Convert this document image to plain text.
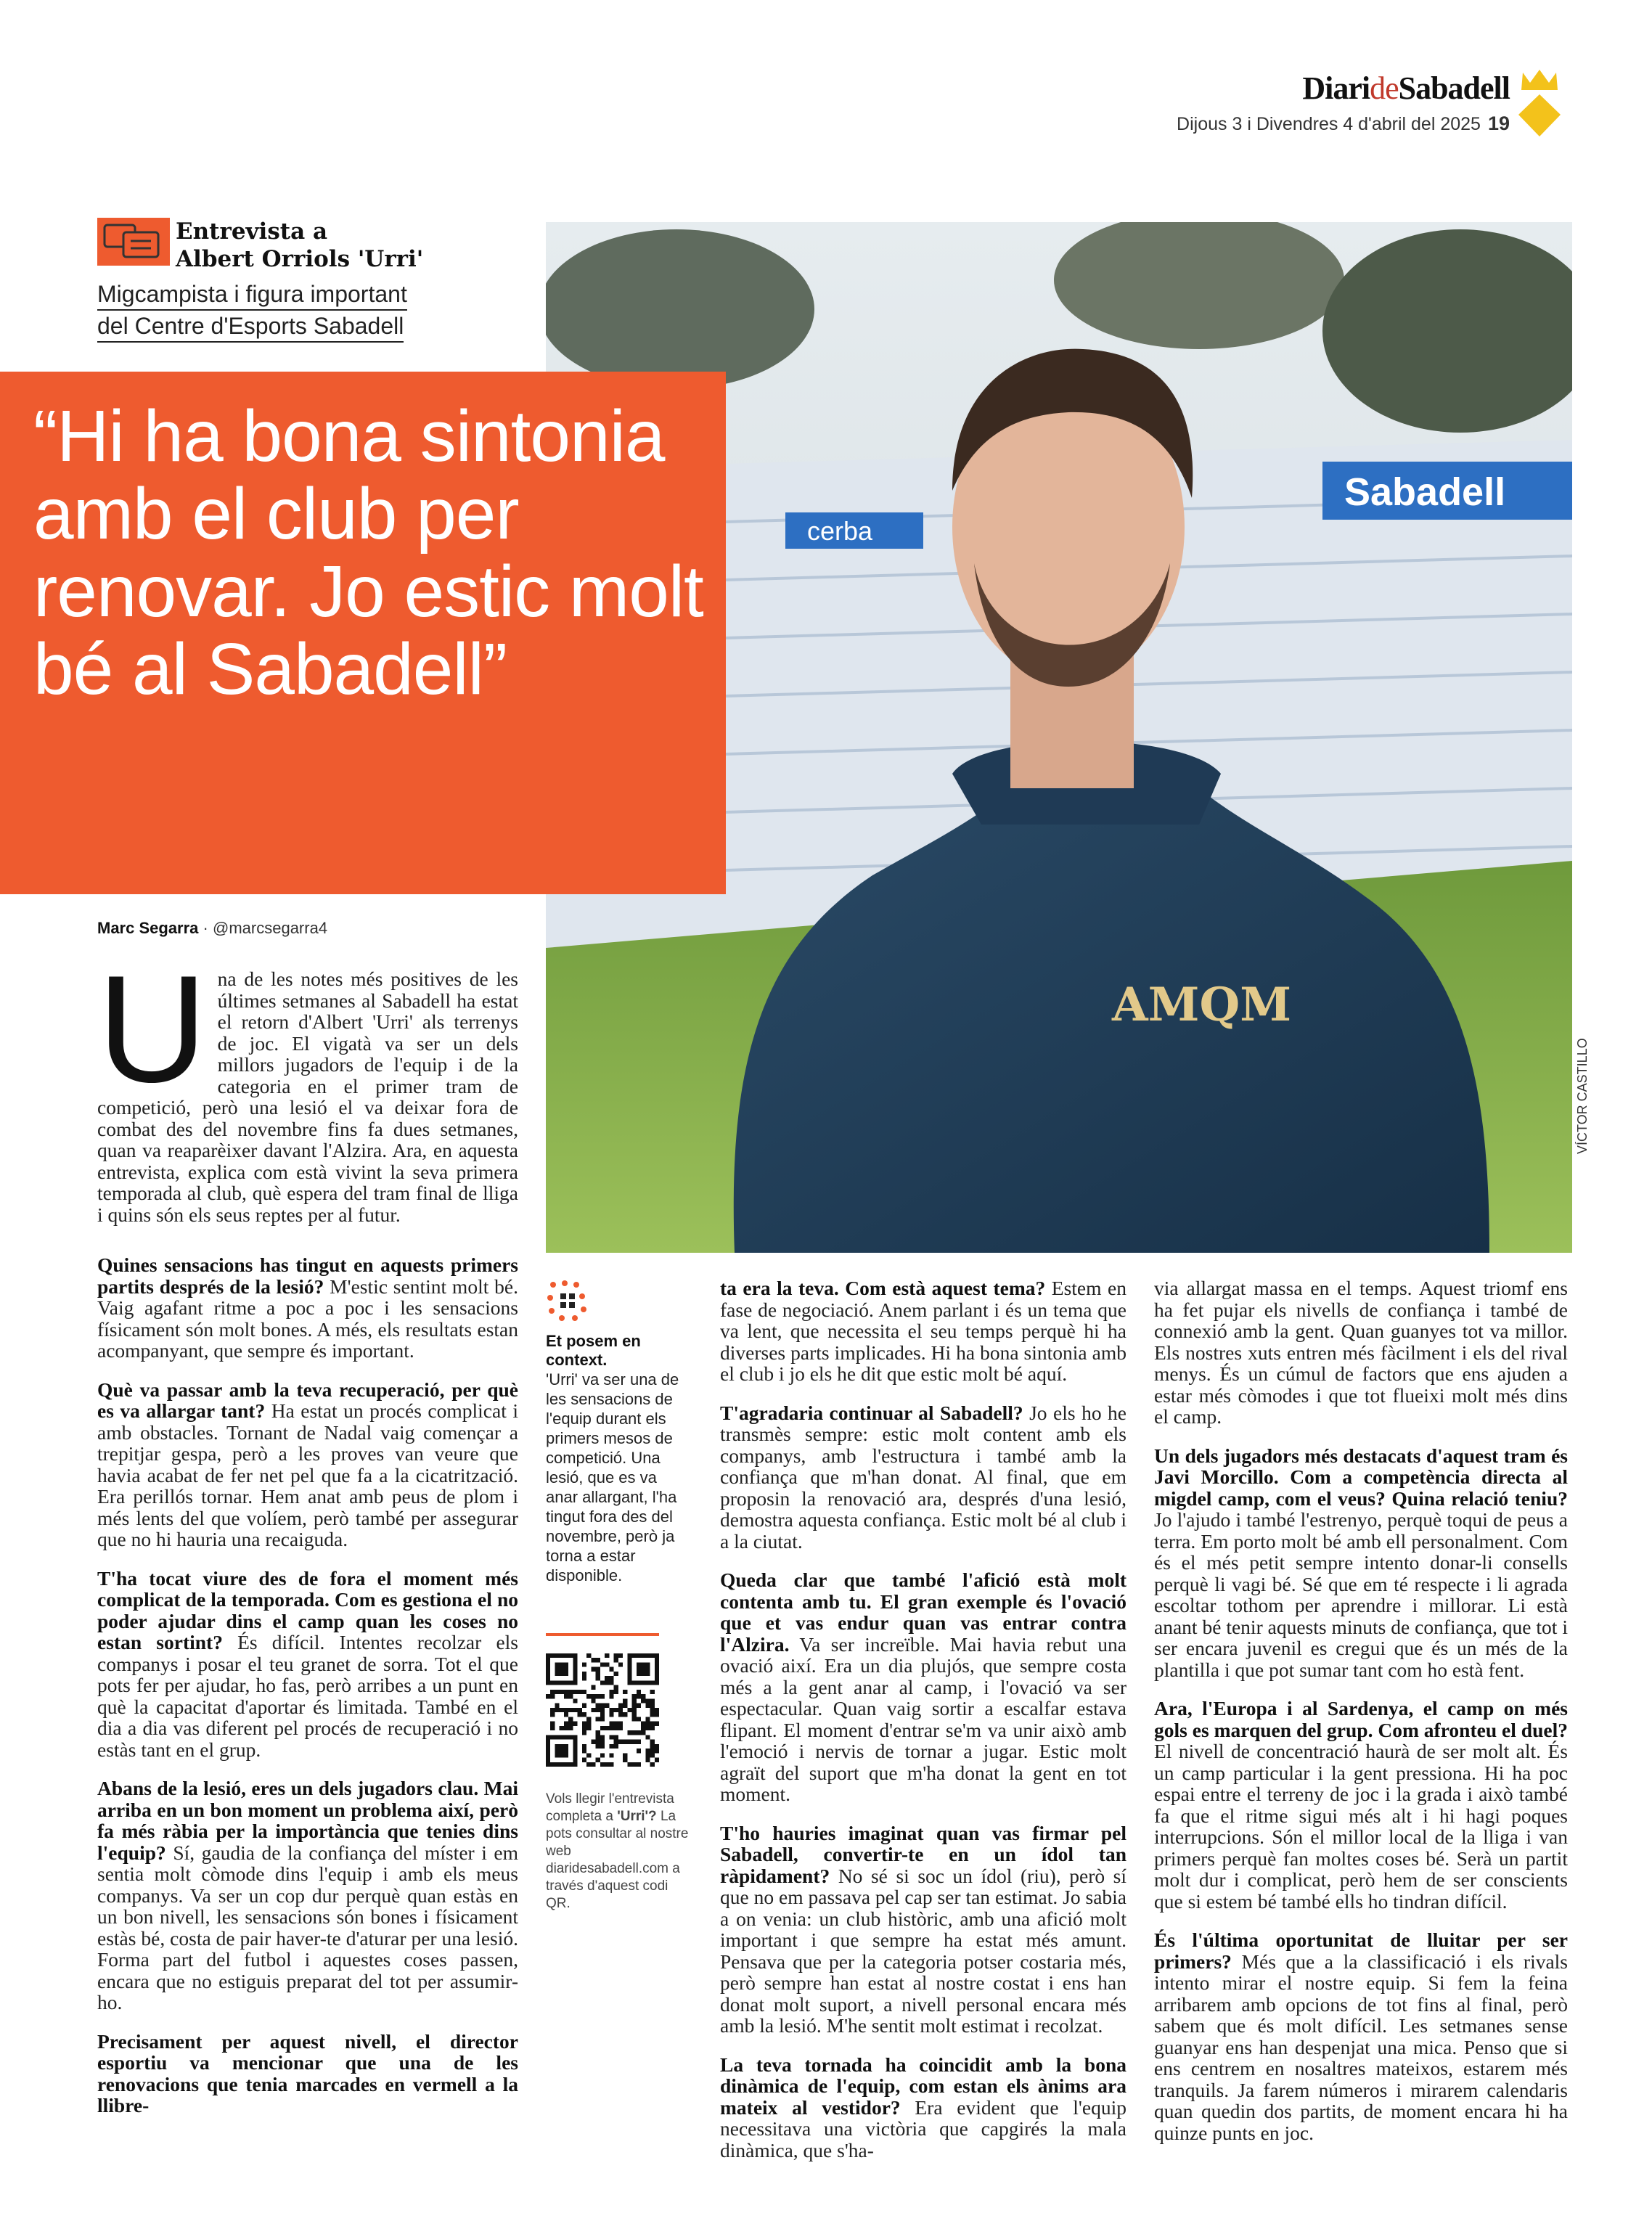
DiarideSabadell
Dijous 3 i Divendres 4 d'abril del 2025 19
Entrevista a
Albert Orriols 'Urri'
Migcampista i figura important
del Centre d'Esports Sabadell
Sabadell
cerba
AMQM
VÍCTOR CASTILLO
“Hi ha bona sintonia amb el club per renovar. Jo estic molt bé al Sabadell”
Marc Segarra · @marcsegarra4
U na de les notes més positives de les últimes setmanes al Sabadell ha estat el retorn d'Albert 'Urri' als terrenys de joc. El vigatà va ser un dels millors jugadors de l'equip i de la categoria en el primer tram de competició, però una lesió el va deixar fora de combat des del novembre fins fa dues setmanes, quan va reaparèixer davant l'Alzira. Ara, en aquesta entrevista, explica com està vivint la seva primera temporada al club, què espera del tram final de lliga i quins són els seus reptes per al futur.

Quines sensacions has tingut en aquests primers partits després de la lesió? M'estic sentint molt bé. Vaig agafant ritme a poc a poc i les sensacions físicament són molt bones. A més, els resultats estan acompanyant, que sempre és important.

Què va passar amb la teva recuperació, per què es va allargar tant? Ha estat un procés complicat i amb obstacles. Tornant de Nadal vaig començar a trepitjar gespa, però a les proves van veure que havia acabat de fer net pel que fa a la cicatrització. Era perillós tornar. Hem anat amb peus de plom i més lents del que volíem, però també per assegurar que no hi hauria una recaiguda.

T'ha tocat viure des de fora el moment més complicat de la temporada. Com es gestiona el no poder ajudar dins el camp quan les coses no estan sortint? És difícil. Intentes recolzar els companys i posar el teu granet de sorra. Tot el que pots fer per ajudar, ho fas, però arribes a un punt en què la capacitat d'aportar és limitada. També en el dia a dia vas diferent pel procés de recuperació i no estàs tant en el grup.

Abans de la lesió, eres un dels jugadors clau. Mai arriba en un bon moment un problema així, però fa més ràbia per la importància que tenies dins l'equip? Sí, gaudia de la confiança del míster i em sentia molt còmode dins l'equip i amb els meus companys. Va ser un cop dur perquè quan estàs en un bon nivell, les sensacions són bones i físicament estàs bé, costa de pair haver-te d'aturar per una lesió. Forma part del futbol i aquestes coses passen, encara que no estiguis preparat del tot per assumir-ho.

Precisament per aquest nivell, el director esportiu va mencionar que una de les renovacions que tenia marcades en vermell a la llibre-

Et posem en context.
'Urri' va ser una de les sensacions de l'equip durant els primers mesos de competició. Una lesió, que es va anar allargant, l'ha tingut fora des del novembre, però ja torna a estar disponible.
Vols llegir l'entrevista completa a 'Urri'? La pots consultar al nostre web diaridesabadell.com a través d'aquest codi QR.

ta era la teva. Com està aquest tema? Estem en fase de negociació. Anem parlant i és un tema que va lent, que necessita el seu temps perquè hi ha diverses parts implicades. Hi ha bona sintonia amb el club i jo els he dit que estic molt bé aquí.

T'agradaria continuar al Sabadell? Jo els ho he transmès sempre: estic molt content amb els companys, amb l'estructura i també amb la confiança que m'han donat. Al final, que em proposin la renovació ara, després d'una lesió, demostra aquesta confiança. Estic molt bé al club i a la ciutat.

Queda clar que també l'afició està molt contenta amb tu. El gran exemple és l'ovació que et vas endur quan vas entrar contra l'Alzira. Va ser increïble. Mai havia rebut una ovació així. Era un dia plujós, que sempre costa més a la gent anar al camp, i l'ovació va ser espectacular. Quan vaig sortir a escalfar estava flipant. El moment d'entrar se'm va unir això amb l'emoció i nervis de tornar a jugar. Estic molt agraït del suport que m'ha donat la gent en tot moment.

T'ho hauries imaginat quan vas firmar pel Sabadell, convertir-te en un ídol tan ràpidament? No sé si soc un ídol (riu), però sí que no em passava pel cap ser tan estimat. Jo sabia a on venia: un club històric, amb una afició molt important i que sempre ha estat més amunt. Pensava que per la categoria potser costaria més, però sempre han estat al nostre costat i ens han donat molt suport, a nivell personal encara més amb la lesió. M'he sentit molt estimat i recolzat.

La teva tornada ha coincidit amb la bona dinàmica de l'equip, com estan els ànims ara mateix al vestidor? Era evident que l'equip necessitava una victòria que capgirés la mala dinàmica, que s'ha-

via allargat massa en el temps. Aquest triomf ens ha fet pujar els nivells de confiança i també de connexió amb la gent. Quan guanyes tot va millor. Els nostres xuts entren més fàcilment i els del rival menys. És un cúmul de factors que ens ajuden a estar més còmodes i que tot flueixi molt més dins el camp.

Un dels jugadors més destacats d'aquest tram és Javi Morcillo. Com a competència directa al migdel camp, com el veus? Quina relació teniu? Jo l'ajudo i també l'estrenyo, perquè toqui de peus a terra. Em porto molt bé amb ell personalment. Com és el més petit sempre intento donar-li consells perquè li vagi bé. Sé que em té respecte i li agrada escoltar tothom per aprendre i millorar. Li està anant bé tenir aquests minuts de confiança, que tot i ser encara juvenil es cregui que és un més de la plantilla i que pot sumar tant com ho està fent.

Ara, l'Europa i al Sardenya, el camp on més gols es marquen del grup. Com afronteu el duel? El nivell de concentració haurà de ser molt alt. És un camp particular i la gent pressiona. Hi ha poc espai entre el terreny de joc i la grada i això també fa que el ritme sigui més alt i hi hagi poques interrupcions. Són el millor local de la lliga i van primers perquè fan moltes coses bé. Serà un partit molt dur i complicat, però hem de ser conscients que si estem bé també ells ho tindran difícil.

És l'última oportunitat de lluitar per ser primers? Més que a la classificació i els rivals intento mirar el nostre equip. Si fem la feina arribarem amb opcions de tot fins al final, però sabem que és molt difícil. Les setmanes sense guanyar ens han despenjat una mica. Penso que si ens centrem en nosaltres mateixos, estarem més tranquils. Ja farem números i mirarem calendaris quan quedin dos partits, de moment encara hi ha quinze punts en joc.
